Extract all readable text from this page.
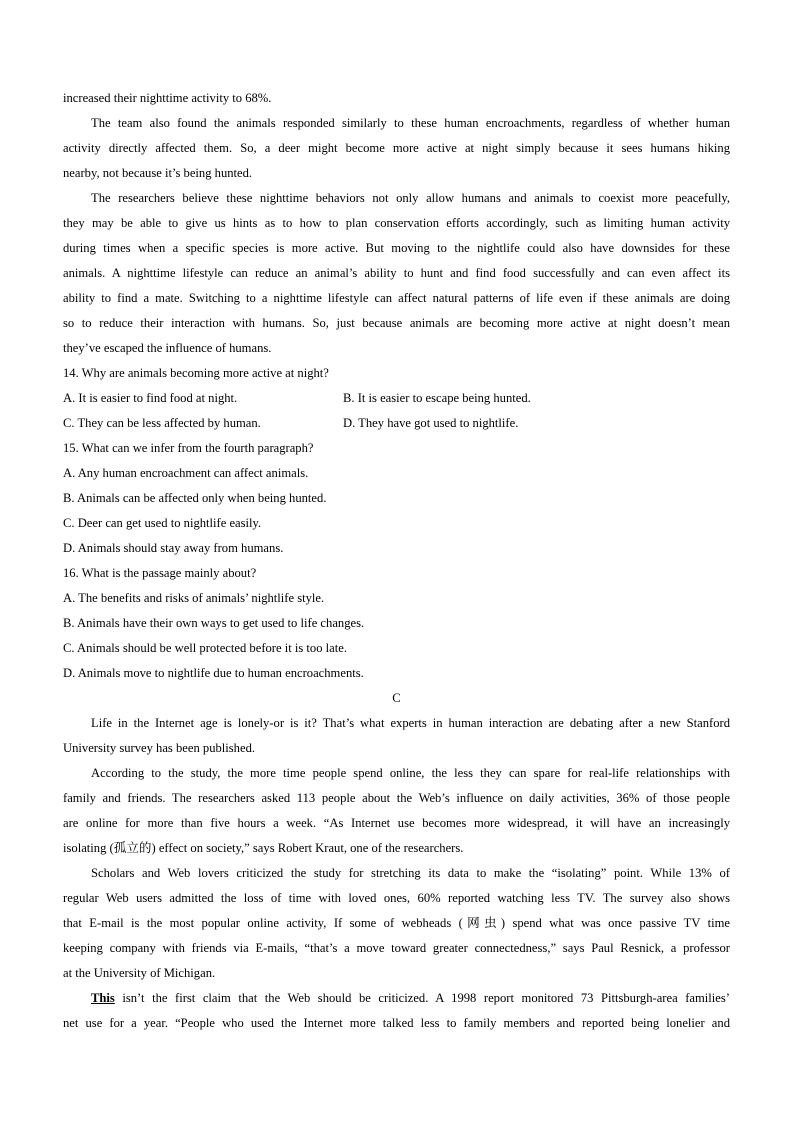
increased their nighttime activity to 68%.
The team also found the animals responded similarly to these human encroachments, regardless of whether human
activity directly affected them. So, a deer might become more active at night simply because it sees humans hiking
nearby, not because it’s being hunted.
The researchers believe these nighttime behaviors not only allow humans and animals to coexist more peacefully,
they may be able to give us hints as to how to plan conservation efforts accordingly, such as limiting human activity
during times when a specific species is more active. But moving to the nightlife could also have downsides for these
animals. A nighttime lifestyle can reduce an animal’s ability to hunt and find food successfully and can even affect its
ability to find a mate. Switching to a nighttime lifestyle can affect natural patterns of life even if these animals are doing
so to reduce their interaction with humans. So, just because animals are becoming more active at night doesn’t mean
they’ve escaped the influence of humans.
14. Why are animals becoming more active at night?
A. It is easier to find food at night.	B. It is easier to escape being hunted.
C. They can be less affected by human.	D. They have got used to nightlife.
15. What can we infer from the fourth paragraph?
A. Any human encroachment can affect animals.
B. Animals can be affected only when being hunted.
C. Deer can get used to nightlife easily.
D. Animals should stay away from humans.
16. What is the passage mainly about?
A. The benefits and risks of animals’ nightlife style.
B. Animals have their own ways to get used to life changes.
C. Animals should be well protected before it is too late.
D. Animals move to nightlife due to human encroachments.
C
Life in the Internet age is lonely-or is it? That’s what experts in human interaction are debating after a new Stanford
University survey has been published.
According to the study, the more time people spend online, the less they can spare for real-life relationships with
family and friends. The researchers asked 113 people about the Web’s influence on daily activities, 36% of those people
are online for more than five hours a week. “As Internet use becomes more widespread, it will have an increasingly
isolating (孤立的) effect on society,” says Robert Kraut, one of the researchers.
Scholars and Web lovers criticized the study for stretching its data to make the “isolating” point. While 13% of
regular Web users admitted the loss of time with loved ones, 60% reported watching less TV. The survey also shows
that E-mail is the most popular online activity, If some of webheads (网虫) spend what was once passive TV time
keeping company with friends via E-mails, “that’s a move toward greater connectedness,” says Paul Resnick, a professor
at the University of Michigan.
This isn’t the first claim that the Web should be criticized. A 1998 report monitored 73 Pittsburgh-area families’
net use for a year. “People who used the Internet more talked less to family members and reported being lonelier and
